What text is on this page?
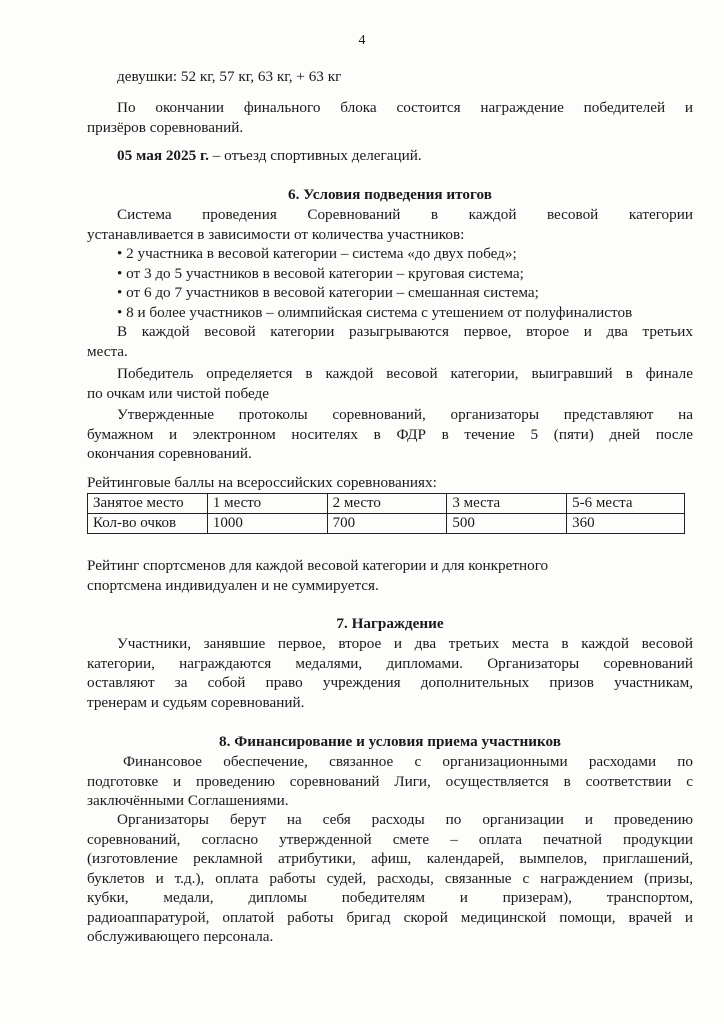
4

девушки: 52 кг, 57 кг, 63 кг, + 63 кг

По окончании финального блока состоится награждение победителей и
призёров соревнований.

05 мая 2025 г. – отъезд спортивных делегаций.

6. Условия подведения итогов

Система проведения Соревнований в каждой весовой категории
устанавливается в зависимости от количества участников:

• 2 участника в весовой категории – система «до двух побед»;
• от 3 до 5 участников в весовой категории – круговая система;
• от 6 до 7 участников в весовой категории – смешанная система;
• 8 и более участников – олимпийская система с утешением от полуфиналистов

В каждой весовой категории разыгрываются первое, второе и два третьих
места.

Победитель определяется в каждой весовой категории, выигравший в финале
по очкам или чистой победе

Утвержденные протоколы соревнований, организаторы представляют на
бумажном и электронном носителях в ФДР в течение 5 (пяти) дней после
окончания соревнований.

Рейтинговые баллы на всероссийских соревнованиях:

Занятое место	1 место	2 место	3 места	5-6 места
Кол-во очков	1000	700	500	360

Рейтинг спортсменов для каждой весовой категории и для конкретного
спортсмена индивидуален и не суммируется.

7. Награждение

Участники, занявшие первое, второе и два третьих места в каждой весовой
категории, награждаются медалями, дипломами. Организаторы соревнований
оставляют за собой право учреждения дополнительных призов участникам,
тренерам и судьям соревнований.

8. Финансирование и условия приема участников

Финансовое обеспечение, связанное с организационными расходами по
подготовке и проведению соревнований Лиги, осуществляется в соответствии с
заключёнными Соглашениями.

Организаторы берут на себя расходы по организации и проведению
соревнований, согласно утвержденной смете – оплата печатной продукции
(изготовление рекламной атрибутики, афиш, календарей, вымпелов, приглашений,
буклетов и т.д.), оплата работы судей, расходы, связанные с награждением (призы,
кубки, медали, дипломы победителям и призерам), транспортом,
радиоаппаратурой, оплатой работы бригад скорой медицинской помощи, врачей и
обслуживающего персонала.
